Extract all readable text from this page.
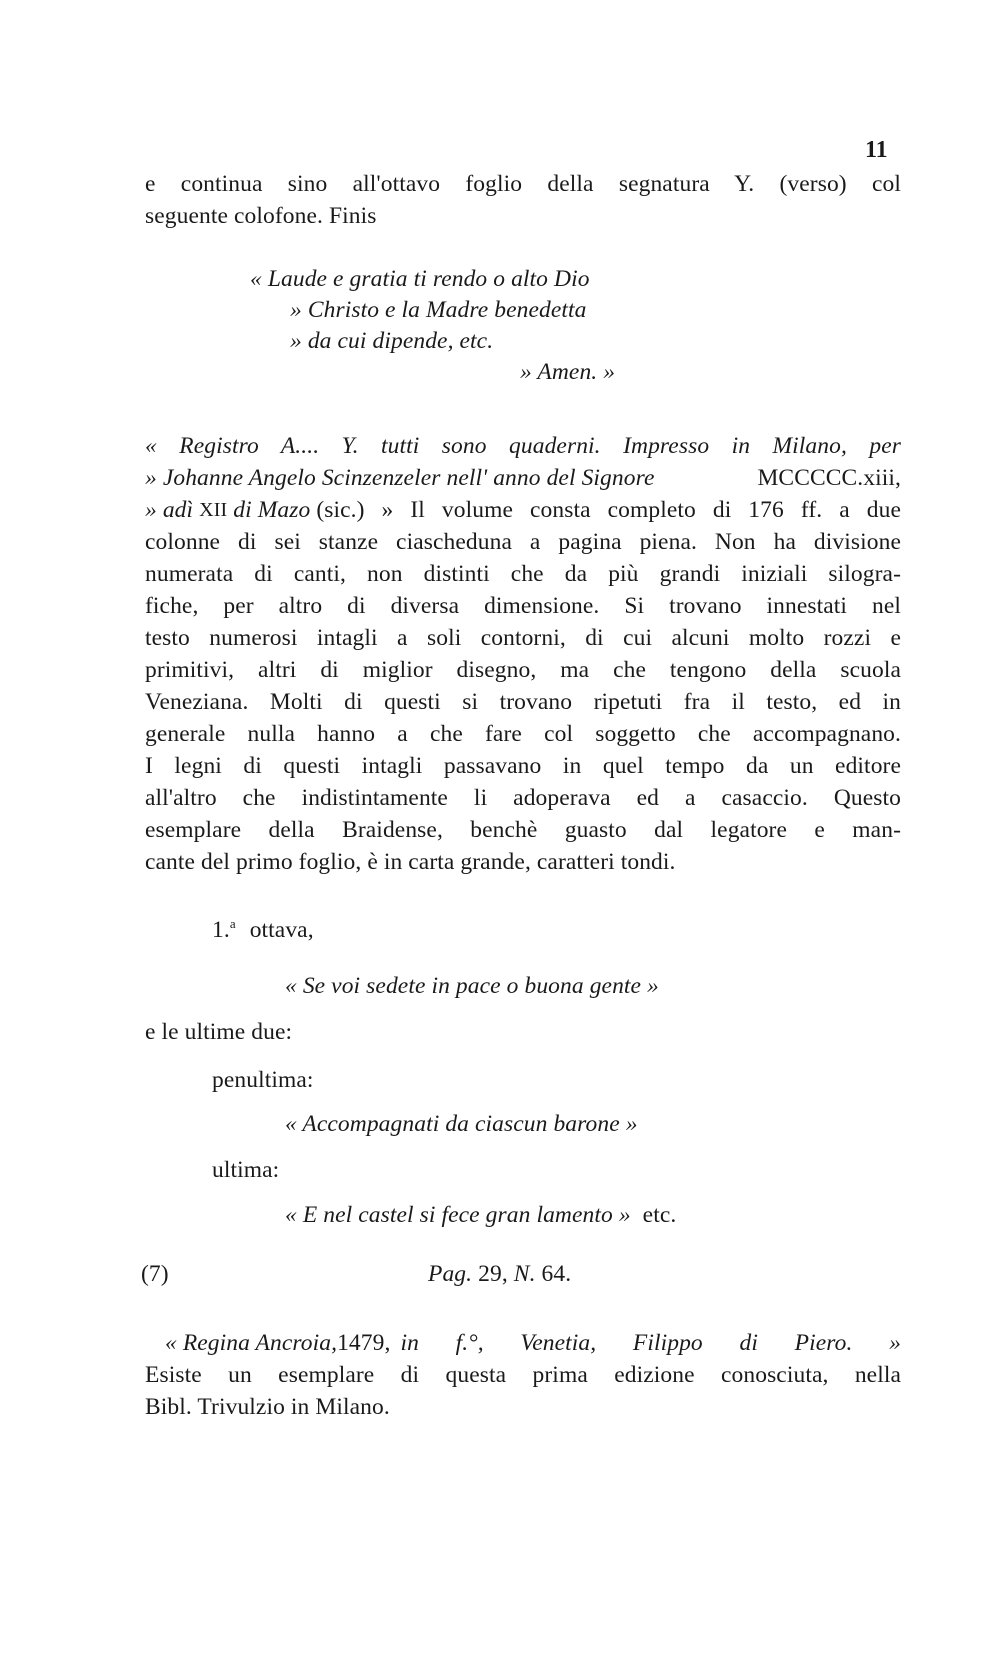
11
e continua sino all'ottavo foglio della segnatura Y. (verso) col
seguente colofone. Finis
« Laude e gratia ti rendo o alto Dio
» Christo e la Madre benedetta
» da cui dipende, etc.
» Amen. »
« Registro A.... Y. tutti sono quaderni. Impresso in Milano, per
» Johanne Angelo Scinzenzeler nell' anno del Signore	MCCCCC.xiii,
» adì XII di Mazo (sic.) » Il volume consta completo di 176 ff. a due
colonne di sei stanze ciascheduna a pagina piena. Non ha divisione
numerata di canti, non distinti che da più grandi iniziali silogra-
fiche, per altro di diversa dimensione. Si trovano innestati nel
testo numerosi intagli a soli contorni, di cui alcuni molto rozzi e
primitivi, altri di miglior disegno, ma che tengono della scuola
Veneziana. Molti di questi si trovano ripetuti fra il testo, ed in
generale nulla hanno a che fare col soggetto che accompagnano.
I legni di questi intagli passavano in quel tempo da un editore
all'altro che indistintamente li adoperava ed a casaccio. Questo
esemplare della Braidense, benchè guasto dal legatore e man-
cante del primo foglio, è in carta grande, caratteri tondi.
1.$^a$ ottava,
« Se voi sedete in pace o buona gente »
e le ultime due:
penultima:
« Accompagnati da ciascun barone »
ultima:
« E nel castel si fece gran lamento » etc.
(7)	Pag. 29, N. 64.
« Regina Ancroia, 1479, in f.°, Venetia, Filippo di Piero. »
Esiste un esemplare di questa prima edizione conosciuta, nella
Bibl. Trivulzio in Milano.
